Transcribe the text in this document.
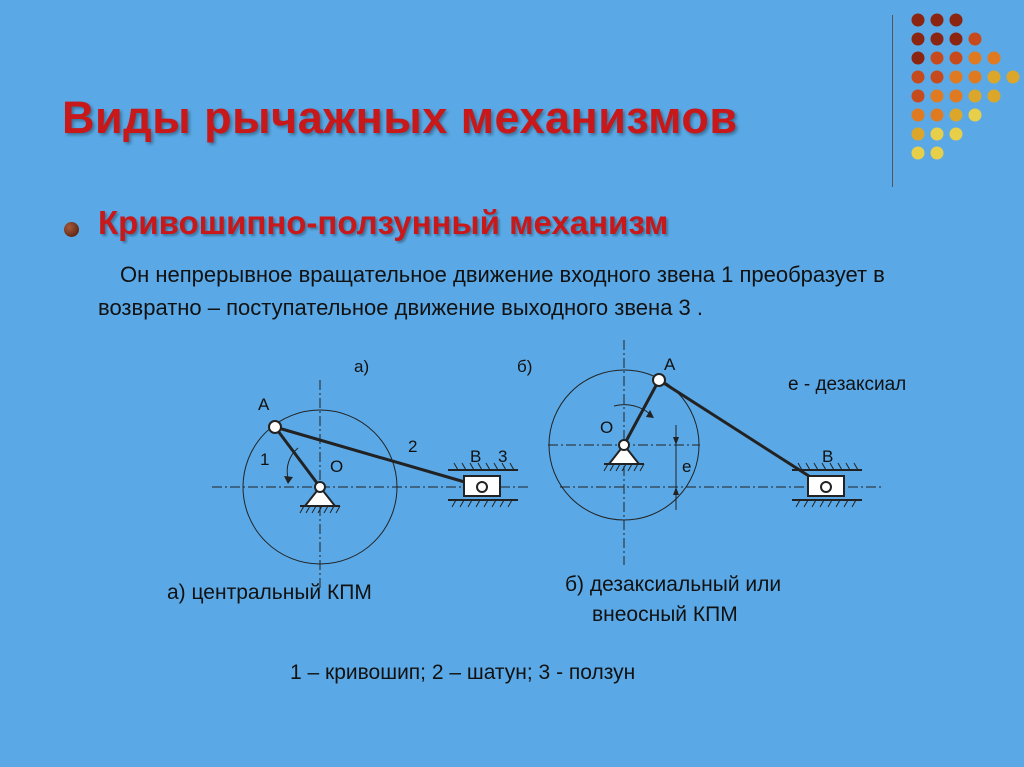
а)	б)
A
1	O
2
B 3
A
O
е
B
е - дезаксиал
Виды рычажных механизмов
Кривошипно-ползунный механизм
Он непрерывное вращательное движение входного звена 1 преобразует в возвратно – поступательное движение выходного звена 3 .
а) центральный КПМ	б) дезаксиальный или
внеосный КПМ
1 – кривошип; 2 – шатун; 3 - ползун
